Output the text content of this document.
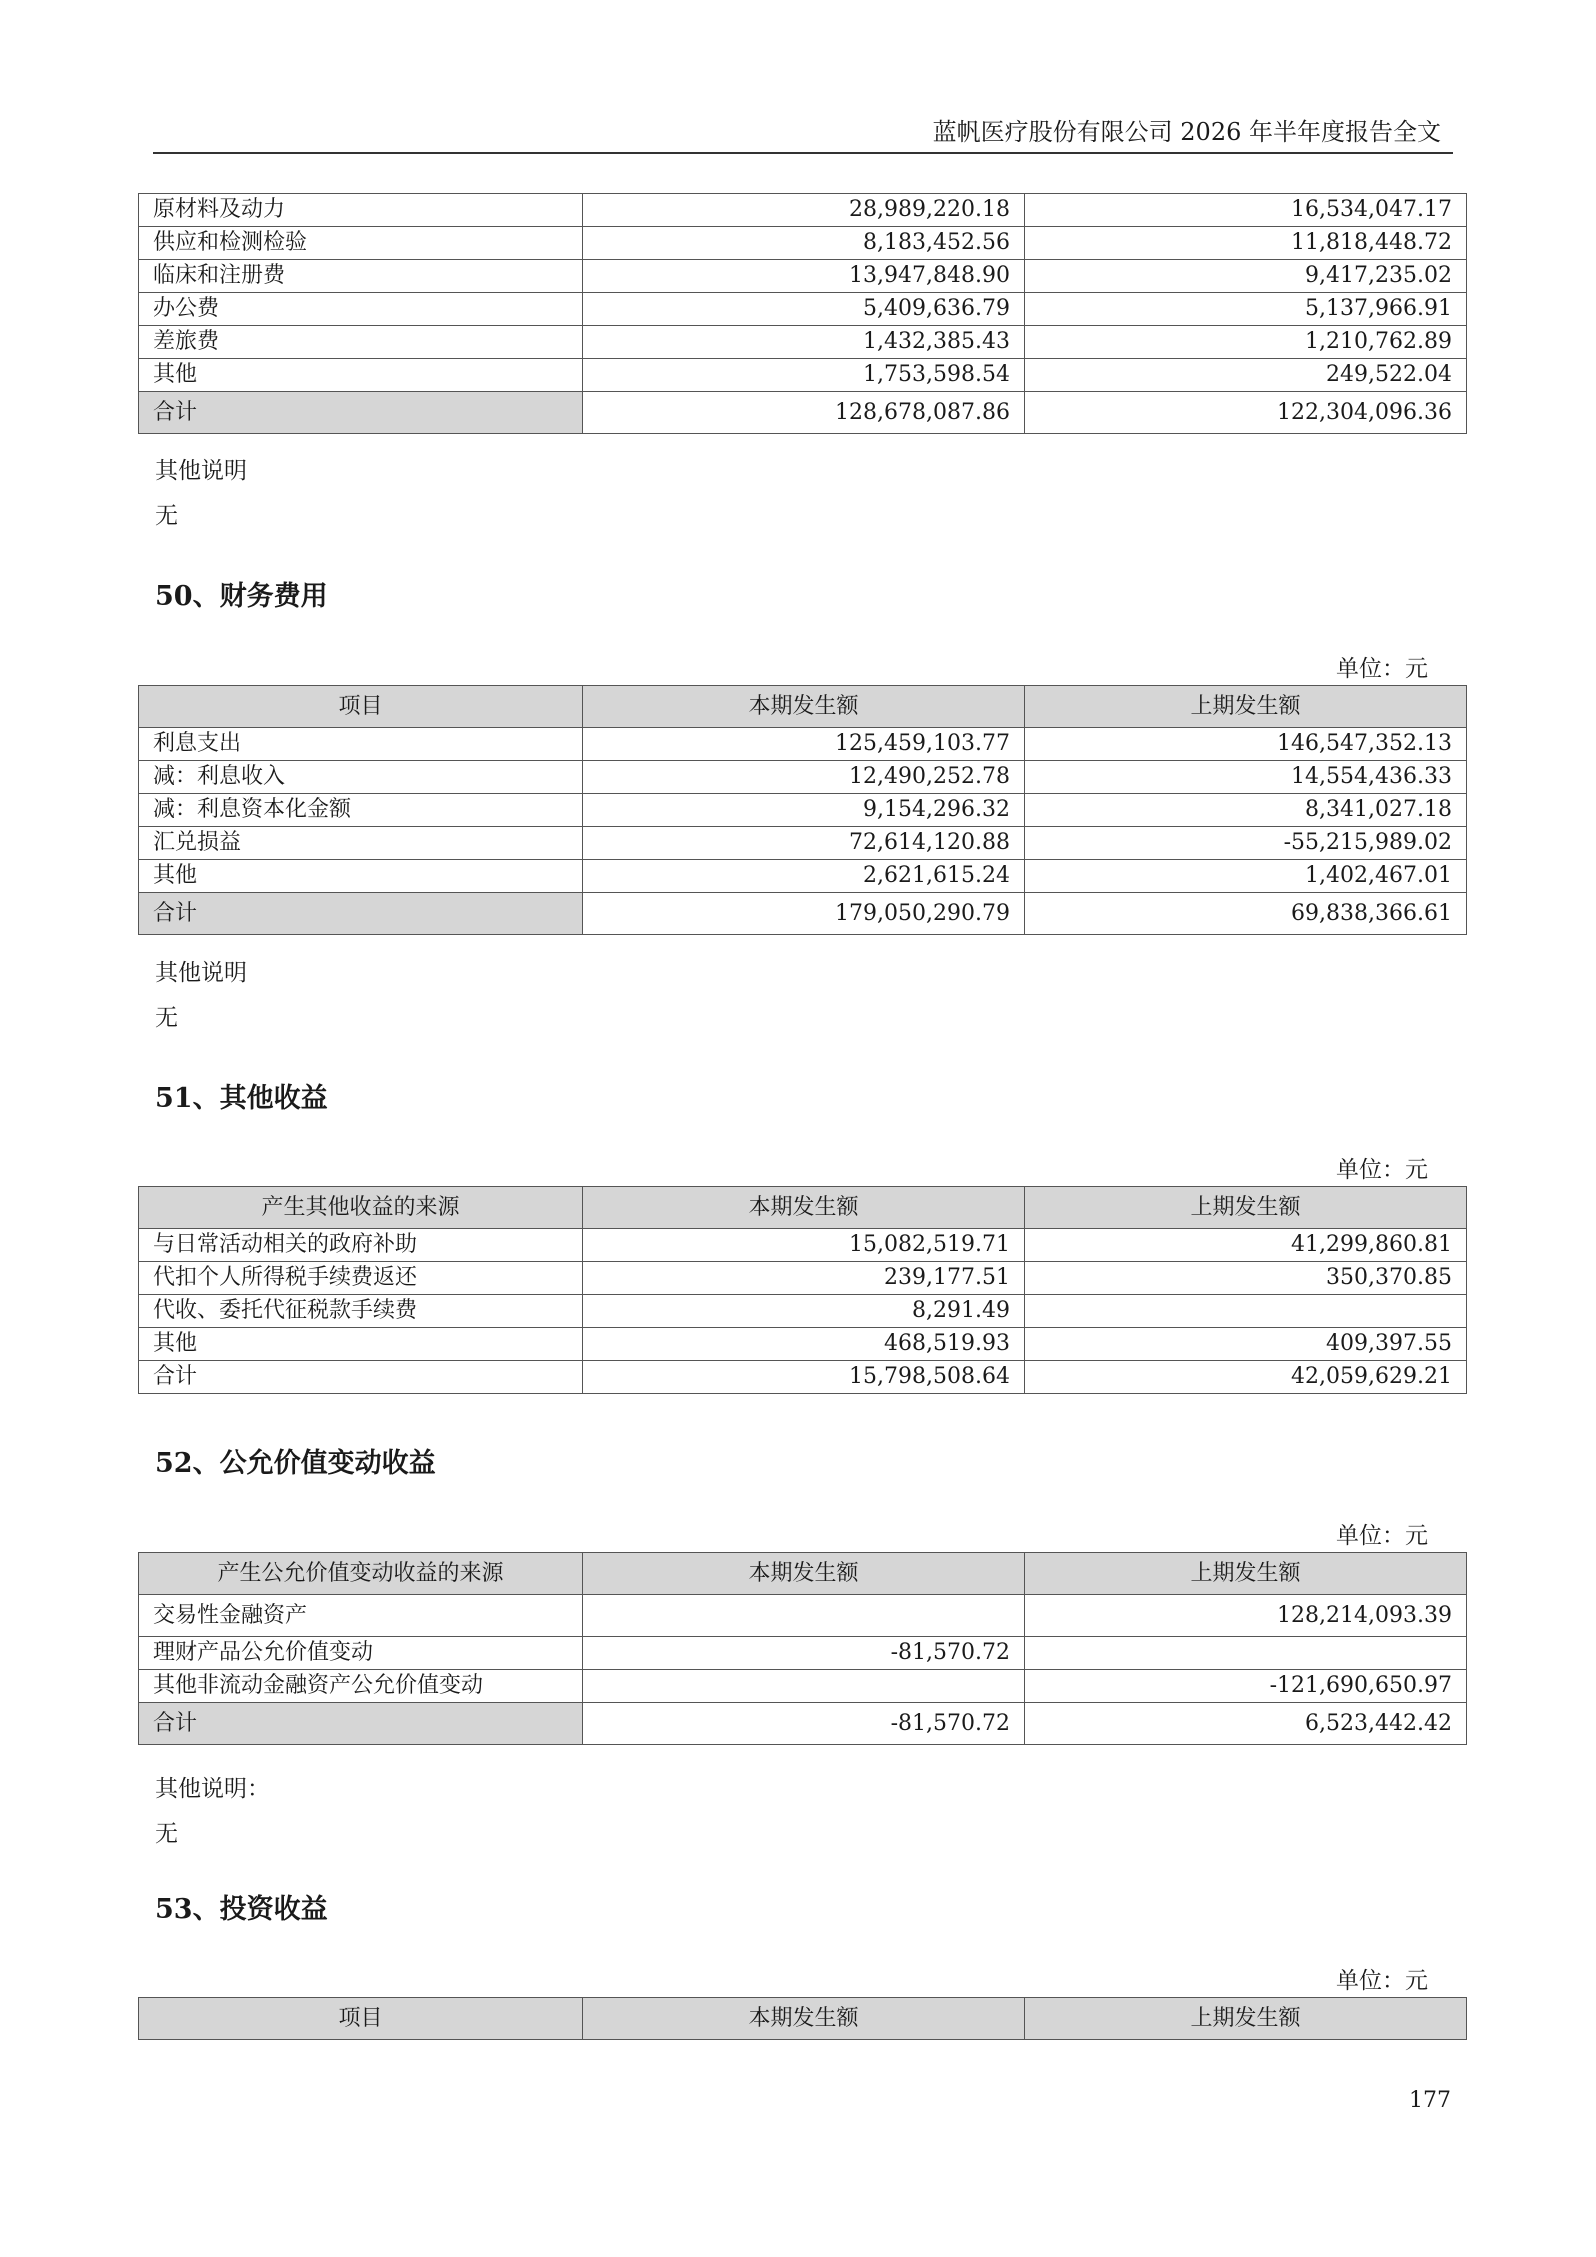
蓝帆医疗股份有限公司 2026 年半年度报告全文
原材料及动力	28,989,220.18	16,534,047.17
供应和检测检验	8,183,452.56	11,818,448.72
临床和注册费	13,947,848.90	9,417,235.02
办公费	5,409,636.79	5,137,966.91
差旅费	1,432,385.43	1,210,762.89
其他	1,753,598.54	249,522.04
合计	128,678,087.86	122,304,096.36
其他说明
无
50、财务费用
单位：元
项目	本期发生额	上期发生额
利息支出	125,459,103.77	146,547,352.13
减：利息收入	12,490,252.78	14,554,436.33
减：利息资本化金额	9,154,296.32	8,341,027.18
汇兑损益	72,614,120.88	-55,215,989.02
其他	2,621,615.24	1,402,467.01
合计	179,050,290.79	69,838,366.61
其他说明
无
51、其他收益
单位：元
产生其他收益的来源	本期发生额	上期发生额
与日常活动相关的政府补助	15,082,519.71	41,299,860.81
代扣个人所得税手续费返还	239,177.51	350,370.85
代收、委托代征税款手续费	8,291.49	
其他	468,519.93	409,397.55
合计	15,798,508.64	42,059,629.21
52、公允价值变动收益
单位：元
产生公允价值变动收益的来源	本期发生额	上期发生额
交易性金融资产		128,214,093.39
理财产品公允价值变动	-81,570.72	
其他非流动金融资产公允价值变动		-121,690,650.97
合计	-81,570.72	6,523,442.42
其他说明：
无
53、投资收益
单位：元
项目	本期发生额	上期发生额
177
